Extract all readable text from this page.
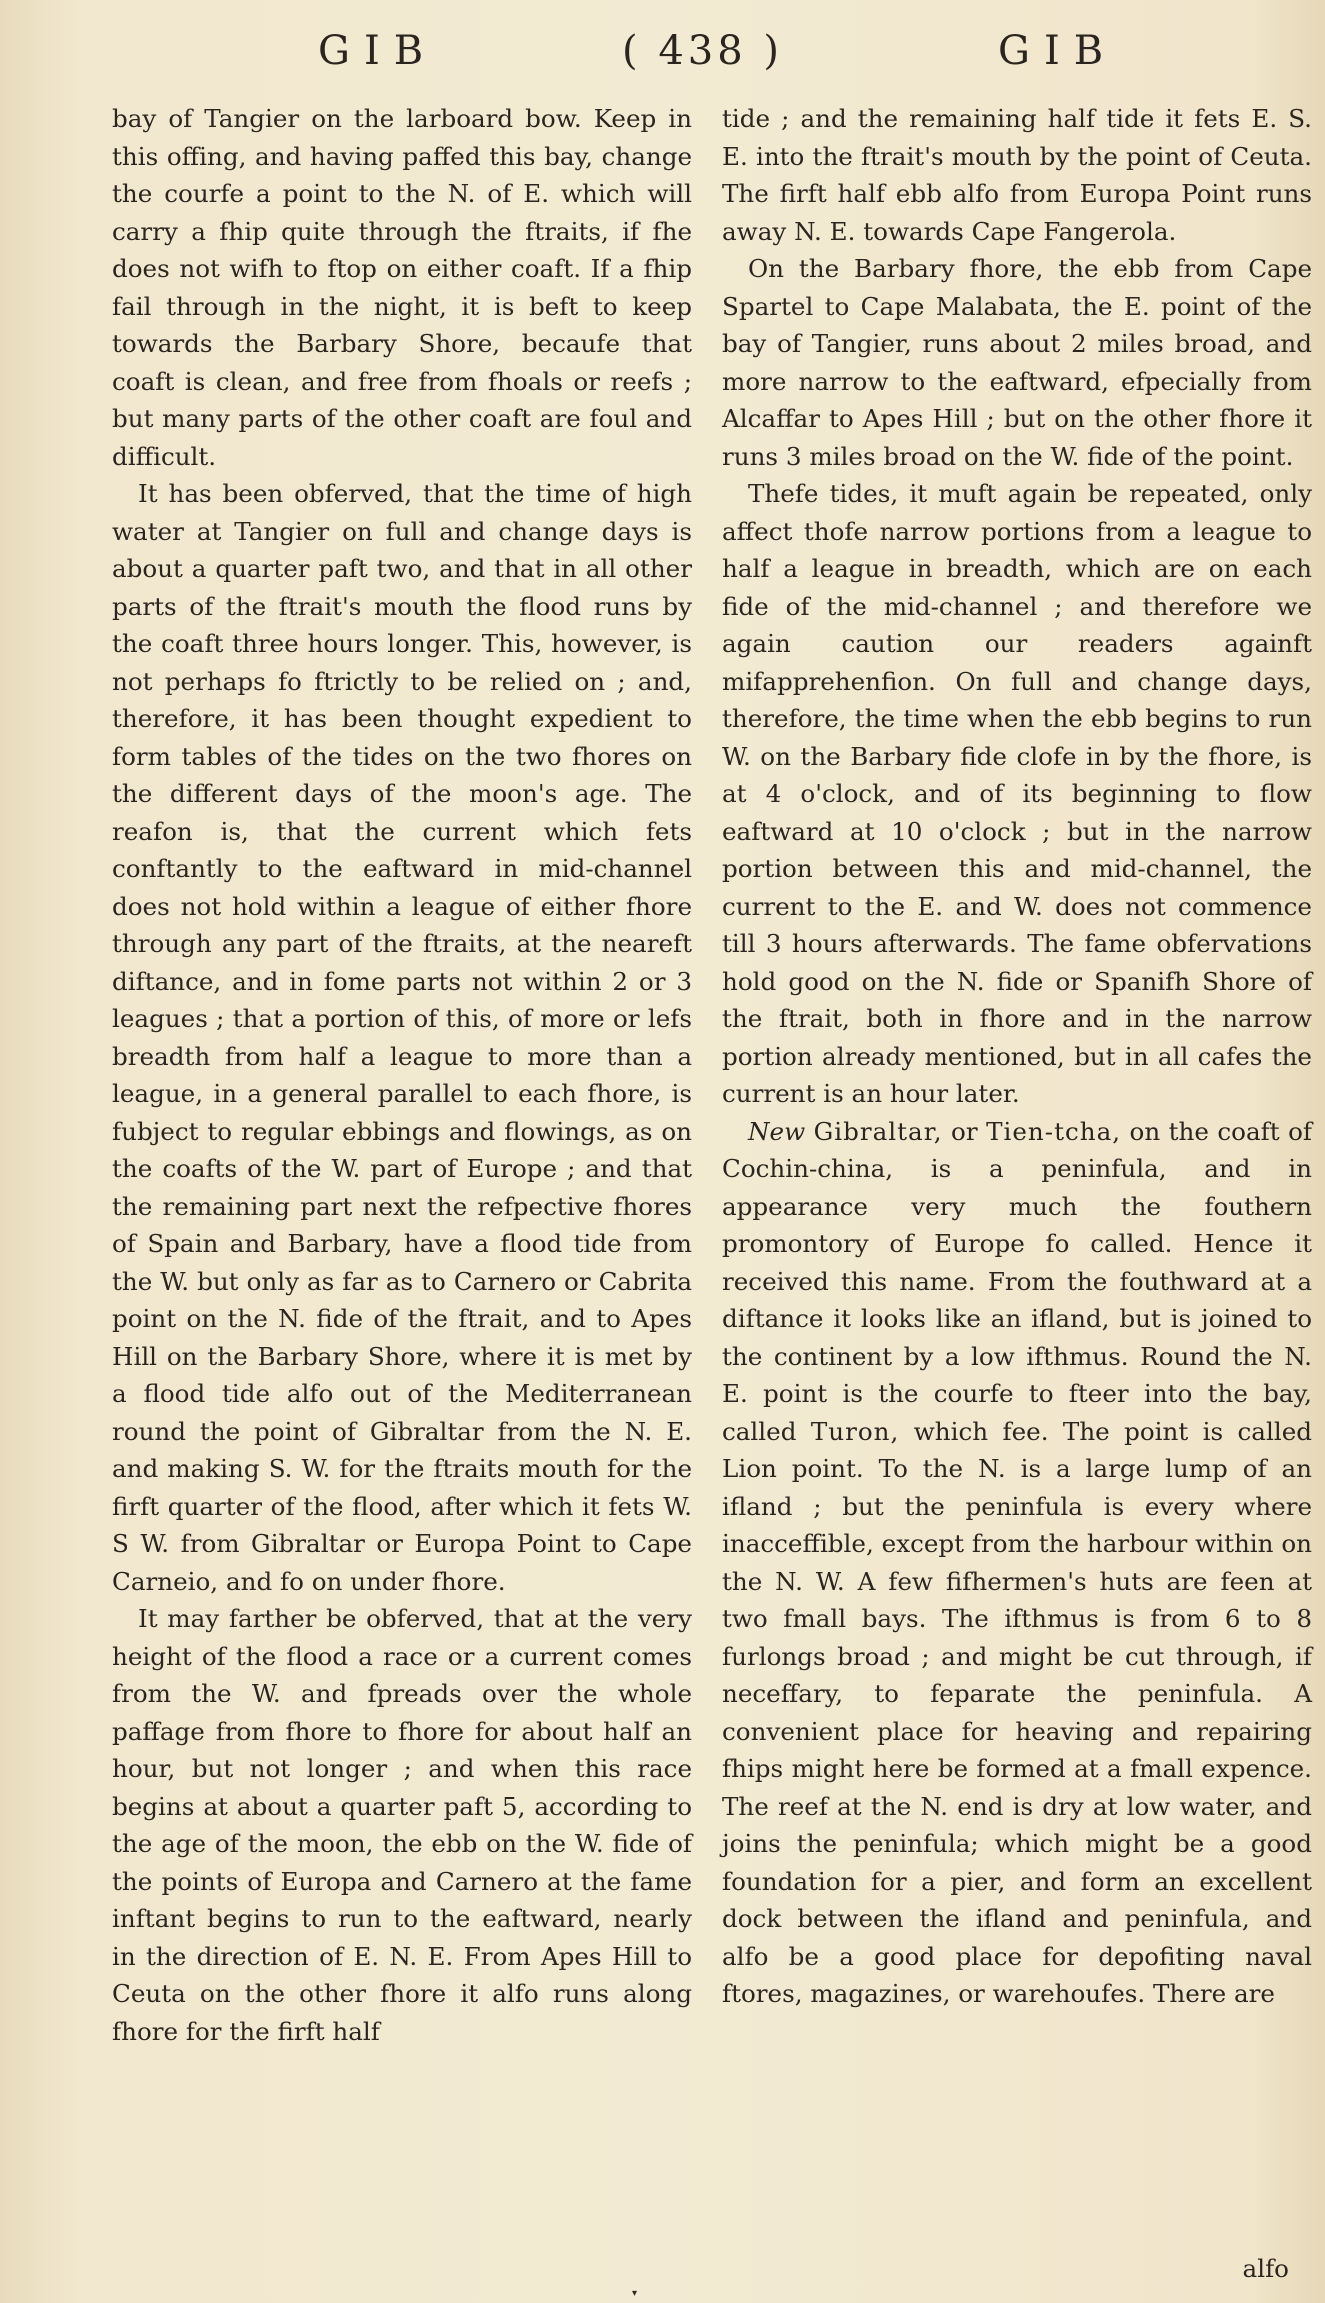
GIB	( 438 )	GIB

bay of Tangier on the larboard bow. Keep in this offing, and having paffed this bay, change the courfe a point to the N. of E. which will carry a fhip quite through the ftraits, if fhe does not wifh to ftop on either coaft. If a fhip fail through in the night, it is beft to keep towards the Barbary Shore, becaufe that coaft is clean, and free from fhoals or reefs ; but many parts of the other coaft are foul and difficult.

It has been obferved, that the time of high water at Tangier on full and change days is about a quarter paft two, and that in all other parts of the ftrait's mouth the flood runs by the coaft three hours longer. This, however, is not perhaps fo ftrictly to be relied on ; and, therefore, it has been thought expedient to form tables of the tides on the two fhores on the different days of the moon's age. The reafon is, that the current which fets conftantly to the eaftward in mid-channel does not hold within a league of either fhore through any part of the ftraits, at the neareft diftance, and in fome parts not within 2 or 3 leagues ; that a portion of this, of more or lefs breadth from half a league to more than a league, in a general parallel to each fhore, is fubject to regular ebbings and flowings, as on the coafts of the W. part of Europe ; and that the remaining part next the refpective fhores of Spain and Barbary, have a flood tide from the W. but only as far as to Carnero or Cabrita point on the N. fide of the ftrait, and to Apes Hill on the Barbary Shore, where it is met by a flood tide alfo out of the Mediterranean round the point of Gibraltar from the N. E. and making S. W. for the ftraits mouth for the firft quarter of the flood, after which it fets W. S W. from Gibraltar or Europa Point to Cape Carneio, and fo on under fhore.

It may farther be obferved, that at the very height of the flood a race or a current comes from the W. and fpreads over the whole paffage from fhore to fhore for about half an hour, but not longer ; and when this race begins at about a quarter paft 5, according to the age of the moon, the ebb on the W. fide of the points of Europa and Carnero at the fame inftant begins to run to the eaftward, nearly in the direction of E. N. E. From Apes Hill to Ceuta on the other fhore it alfo runs along fhore for the firft half

tide ; and the remaining half tide it fets E. S. E. into the ftrait's mouth by the point of Ceuta. The firft half ebb alfo from Europa Point runs away N. E. towards Cape Fangerola.

On the Barbary fhore, the ebb from Cape Spartel to Cape Malabata, the E. point of the bay of Tangier, runs about 2 miles broad, and more narrow to the eaftward, efpecially from Alcaffar to Apes Hill ; but on the other fhore it runs 3 miles broad on the W. fide of the point.

Thefe tides, it muft again be repeated, only affect thofe narrow portions from a league to half a league in breadth, which are on each fide of the mid-channel ; and therefore we again caution our readers againft mifapprehenfion. On full and change days, therefore, the time when the ebb begins to run W. on the Barbary fide clofe in by the fhore, is at 4 o'clock, and of its beginning to flow eaftward at 10 o'clock ; but in the narrow portion between this and mid-channel, the current to the E. and W. does not commence till 3 hours afterwards. The fame obfervations hold good on the N. fide or Spanifh Shore of the ftrait, both in fhore and in the narrow portion already mentioned, but in all cafes the current is an hour later.

New Gibraltar, or Tien-tcha, on the coaft of Cochin-china, is a peninfula, and in appearance very much the fouthern promontory of Europe fo called. Hence it received this name. From the fouthward at a diftance it looks like an ifland, but is joined to the continent by a low ifthmus. Round the N. E. point is the courfe to fteer into the bay, called Turon, which fee. The point is called Lion point. To the N. is a large lump of an ifland ; but the peninfula is every where inacceffible, except from the harbour within on the N. W. A few fifhermen's huts are feen at two fmall bays. The ifthmus is from 6 to 8 furlongs broad ; and might be cut through, if neceffary, to feparate the peninfula. A convenient place for heaving and repairing fhips might here be formed at a fmall expence. The reef at the N. end is dry at low water, and joins the peninfula; which might be a good foundation for a pier, and form an excellent dock between the ifland and peninfula, and alfo be a good place for depofiting naval ftores, magazines, or warehoufes. There are

alfo
▾
